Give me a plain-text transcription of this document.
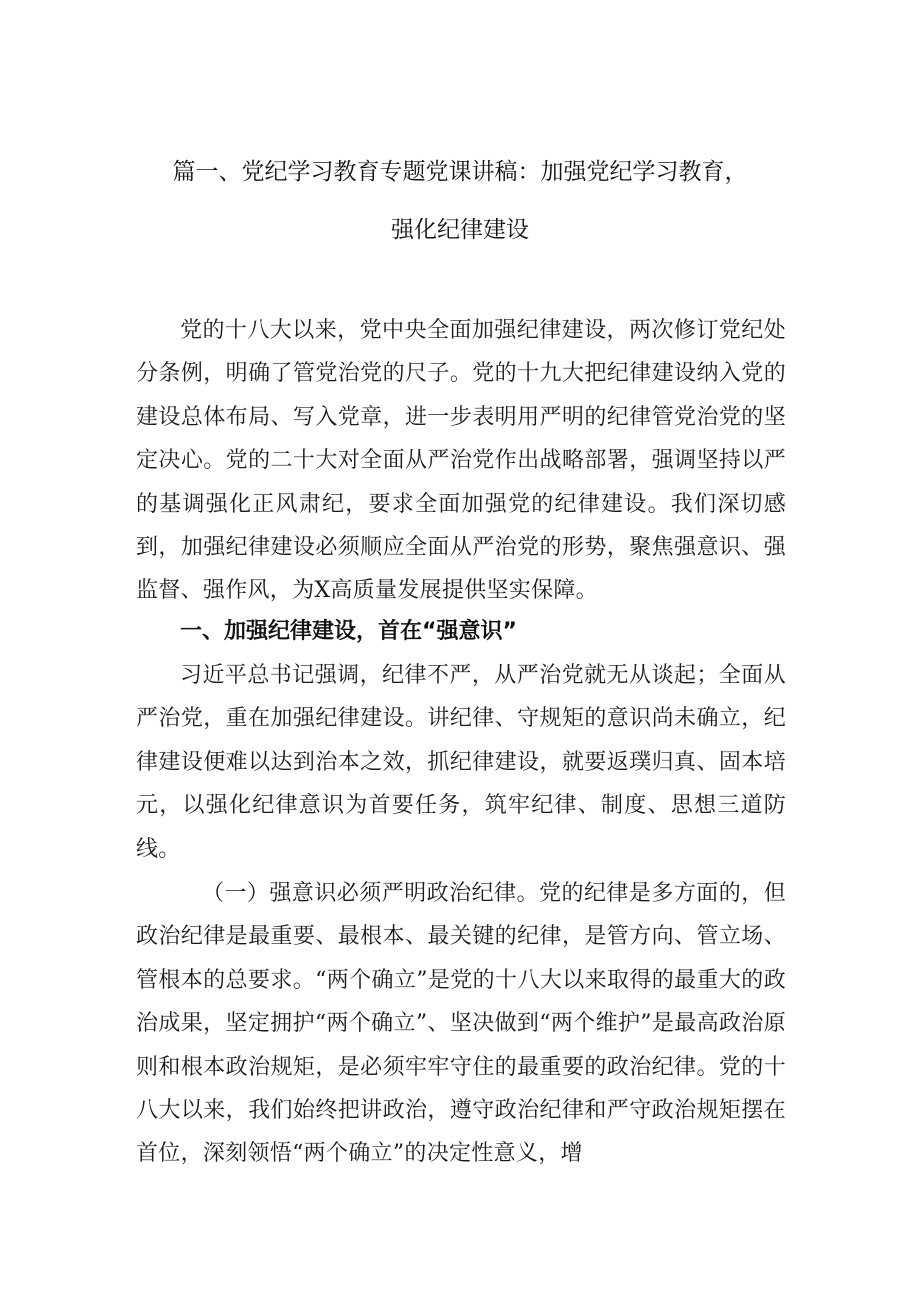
篇一、党纪学习教育专题党课讲稿：加强党纪学习教育，
强化纪律建设

党的十八大以来，党中央全面加强纪律建设，两次修订党纪处分条例，明确了管党治党的尺子。党的十九大把纪律建设纳入党的建设总体布局、写入党章，进一步表明用严明的纪律管党治党的坚定决心。党的二十大对全面从严治党作出战略部署，强调坚持以严的基调强化正风肃纪，要求全面加强党的纪律建设。我们深切感到，加强纪律建设必须顺应全面从严治党的形势，聚焦强意识、强监督、强作风，为X高质量发展提供坚实保障。

一、加强纪律建设，首在“强意识”

习近平总书记强调，纪律不严，从严治党就无从谈起；全面从严治党，重在加强纪律建设。讲纪律、守规矩的意识尚未确立，纪律建设便难以达到治本之效，抓纪律建设，就要返璞归真、固本培元，以强化纪律意识为首要任务，筑牢纪律、制度、思想三道防线。

（一）强意识必须严明政治纪律。党的纪律是多方面的，但政治纪律是最重要、最根本、最关键的纪律，是管方向、管立场、管根本的总要求。“两个确立”是党的十八大以来取得的最重大的政治成果，坚定拥护“两个确立”、坚决做到“两个维护”是最高政治原则和根本政治规矩，是必须牢牢守住的最重要的政治纪律。党的十八大以来，我们始终把讲政治，遵守政治纪律和严守政治规矩摆在首位，深刻领悟“两个确立”的决定性意义，增
